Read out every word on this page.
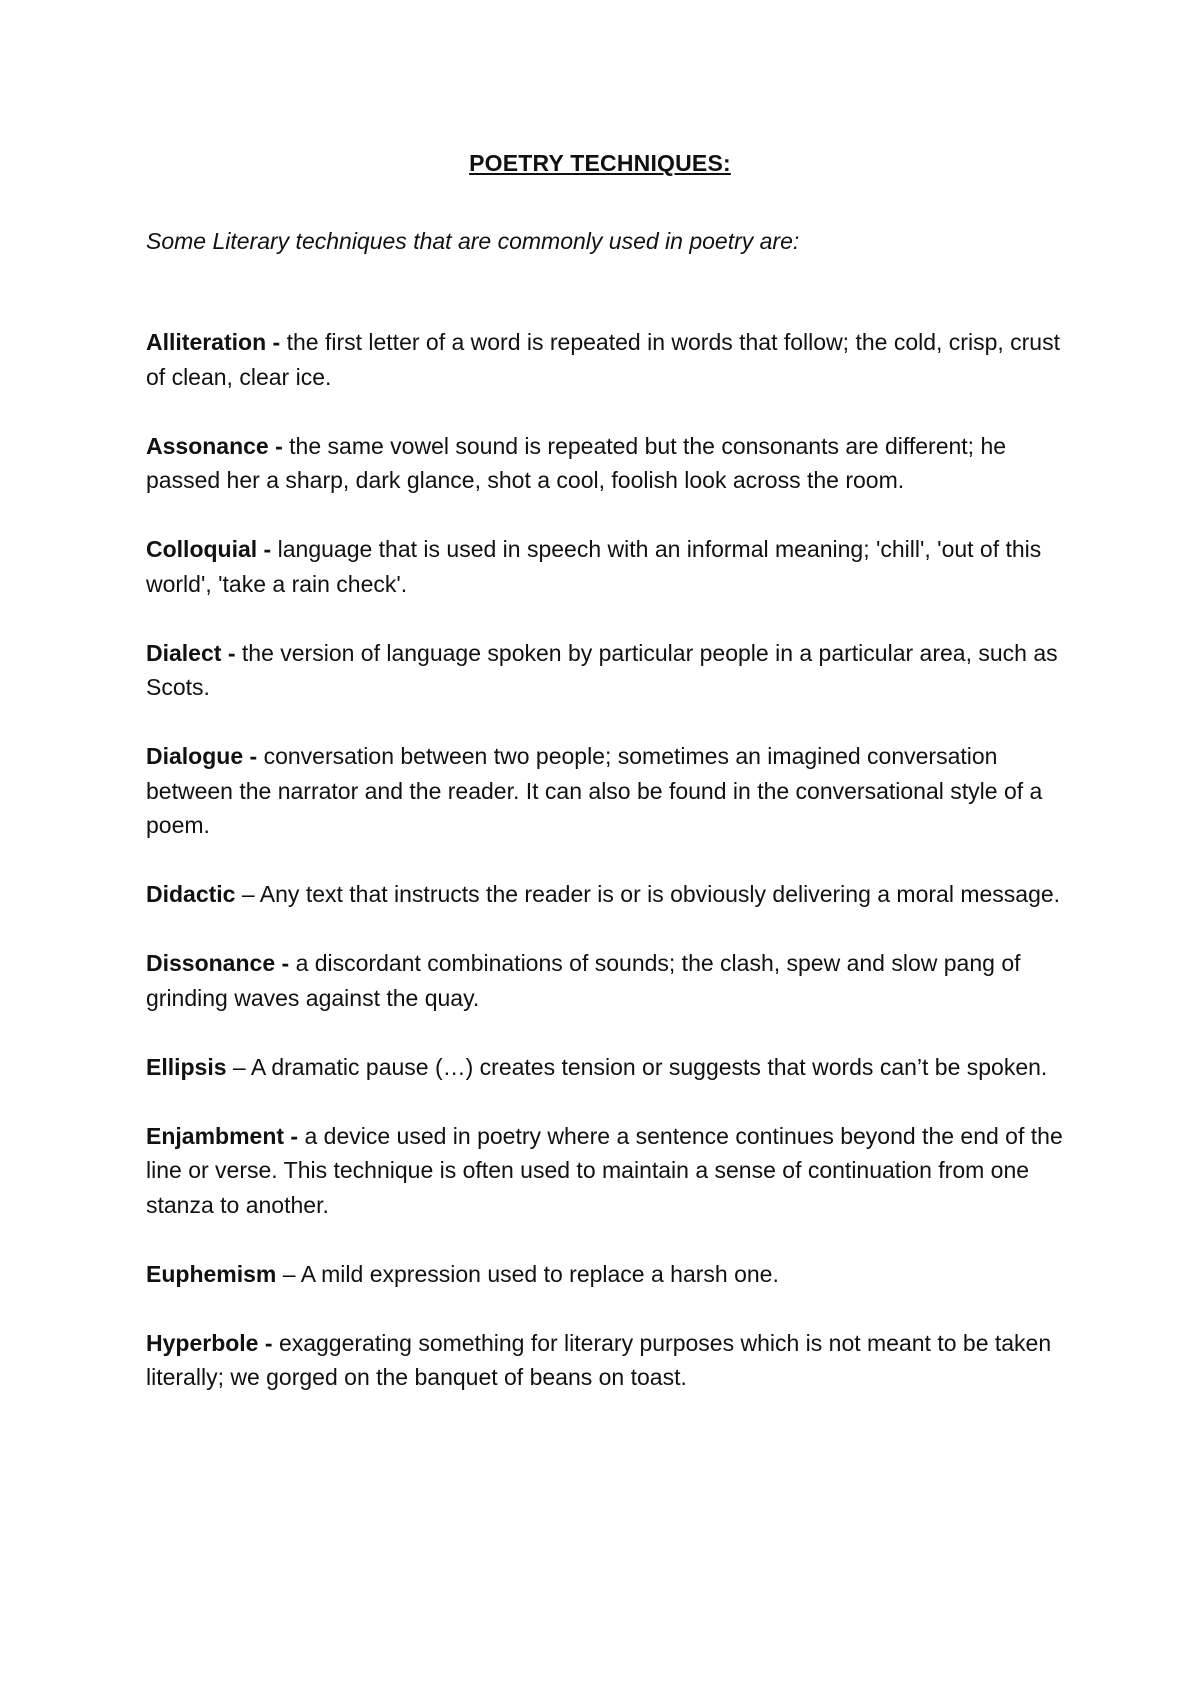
POETRY TECHNIQUES:
Some Literary techniques that are commonly used in poetry are:

Alliteration - the first letter of a word is repeated in words that follow; the cold, crisp, crust of clean, clear ice.

Assonance - the same vowel sound is repeated but the consonants are different; he passed her a sharp, dark glance, shot a cool, foolish look across the room.

Colloquial - language that is used in speech with an informal meaning; 'chill', 'out of this world', 'take a rain check'.

Dialect - the version of language spoken by particular people in a particular area, such as Scots.

Dialogue - conversation between two people; sometimes an imagined conversation between the narrator and the reader. It can also be found in the conversational style of a poem.

Didactic – Any text that instructs the reader is or is obviously delivering a moral message.

Dissonance - a discordant combinations of sounds; the clash, spew and slow pang of grinding waves against the quay.

Ellipsis – A dramatic pause (…) creates tension or suggests that words can’t be spoken.

Enjambment - a device used in poetry where a sentence continues beyond the end of the line or verse. This technique is often used to maintain a sense of continuation from one stanza to another.

Euphemism – A mild expression used to replace a harsh one.

Hyperbole - exaggerating something for literary purposes which is not meant to be taken literally; we gorged on the banquet of beans on toast.
